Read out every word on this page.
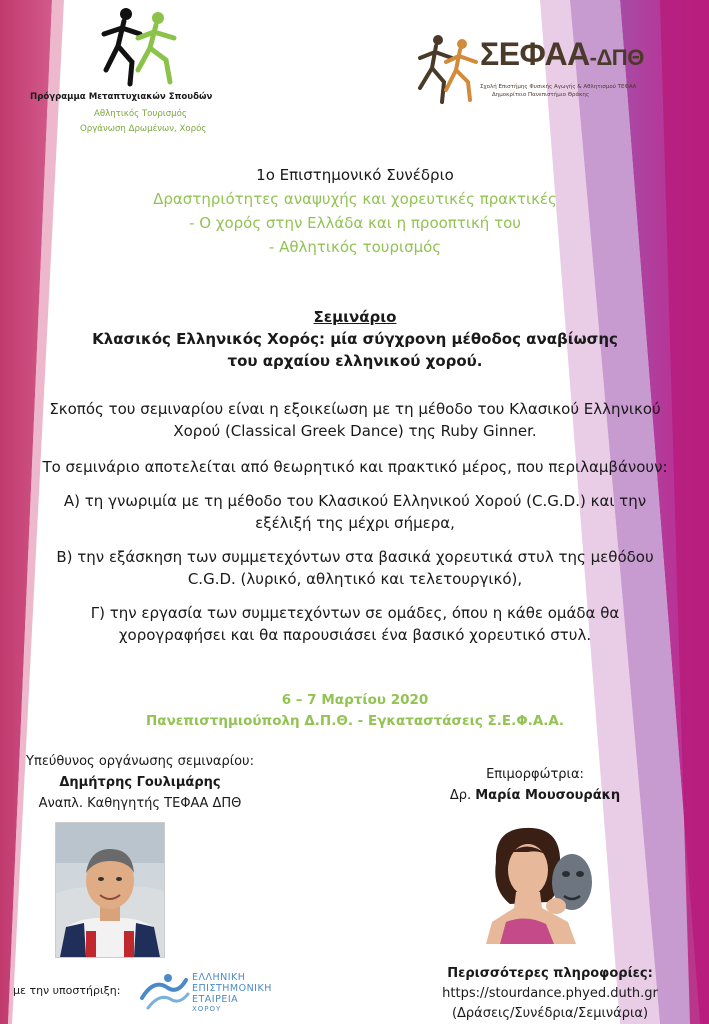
Πρόγραμμα Μεταπτυχιακών Σπουδών
Αθλητικός Τουρισμός
Οργάνωση Δρωμένων, Χορός
ΣΕΦΑΑ-ΔΠΘ
Σχολή Επιστήμης Φυσικής Αγωγής & Αθλητισμού ΤΕΦΑΑ
Δημοκρίτειο Πανεπιστήμιο Θράκης
1ο Επιστημονικό Συνέδριο
Δραστηριότητες αναψυχής και χορευτικές πρακτικές
- Ο χορός στην Ελλάδα και η προοπτική του
- Αθλητικός τουρισμός
Σεμινάριο
Κλασικός Ελληνικός Χορός: μία σύγχρονη μέθοδος αναβίωσης
του αρχαίου ελληνικού χορού.

Σκοπός του σεμιναρίου είναι η εξοικείωση με τη μέθοδο του Κλασικού Ελληνικού Χορού (Classical Greek Dance) της Ruby Ginner.

Το σεμινάριο αποτελείται από θεωρητικό και πρακτικό μέρος, που περιλαμβάνουν:

Α) τη γνωριμία με τη μέθοδο του Κλασικού Ελληνικού Χορού (C.G.D.) και την εξέλιξή της μέχρι σήμερα,

Β) την εξάσκηση των συμμετεχόντων στα βασικά χορευτικά στυλ της μεθόδου C.G.D. (λυρικό, αθλητικό και τελετουργικό),

Γ) την εργασία των συμμετεχόντων σε ομάδες, όπου η κάθε ομάδα θα χορογραφήσει και θα παρουσιάσει ένα βασικό χορευτικό στυλ.

6 – 7 Μαρτίου 2020
Πανεπιστημιούπολη Δ.Π.Θ. - Εγκαταστάσεις Σ.Ε.Φ.Α.Α.
Υπεύθυνος οργάνωσης σεμιναρίου:
Δημήτρης Γουλιμάρης
Αναπλ. Καθηγητής ΤΕΦΑΑ ΔΠΘ
Επιμορφώτρια:
Δρ. Μαρία Μουσουράκη
με την υποστήριξη:
ΕΛΛΗΝΙΚΗ
ΕΠΙΣΤΗΜΟΝΙΚΗ
ΕΤΑΙΡΕΙΑ
ΧΟΡΟΥ
Περισσότερες πληροφορίες:
https://stourdance.phyed.duth.gr
(Δράσεις/Συνέδρια/Σεμινάρια)
